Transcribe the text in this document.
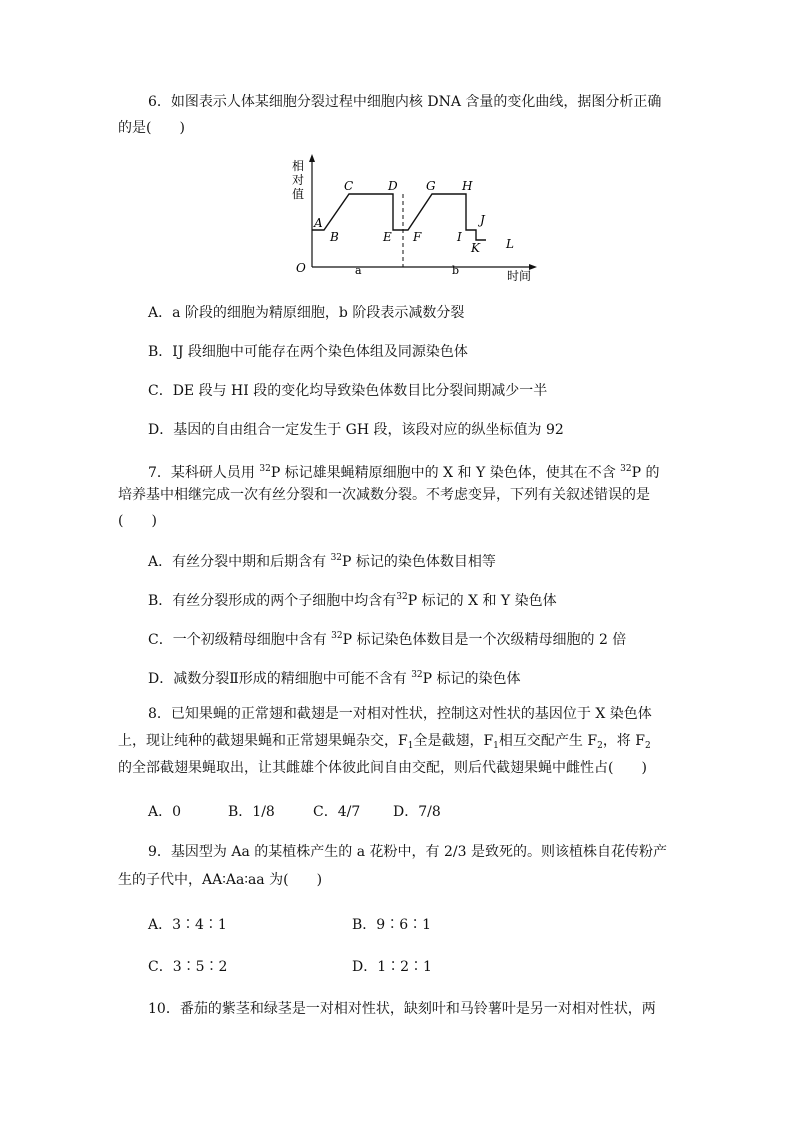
6．如图表示人体某细胞分裂过程中细胞内核 DNA 含量的变化曲线，据图分析正确
的是(　　)
相
对
值
A
B
C	D
E F
G H
I
J
K L
O	a	b	时间
A．a 阶段的细胞为精原细胞，b 阶段表示减数分裂
B．IJ 段细胞中可能存在两个染色体组及同源染色体
C．DE 段与 HI 段的变化均导致染色体数目比分裂间期减少一半
D．基因的自由组合一定发生于 GH 段，该段对应的纵坐标值为 92
7．某科研人员用 $^{32}$P 标记雄果蝇精原细胞中的 X 和 Y 染色体，使其在不含 $^{32}$P 的
培养基中相继完成一次有丝分裂和一次减数分裂。不考虑变异，下列有关叙述错误的是
(　　)
A．有丝分裂中期和后期含有 $^{32}$P 标记的染色体数目相等
B．有丝分裂形成的两个子细胞中均含有$^{32}$P 标记的 X 和 Y 染色体
C．一个初级精母细胞中含有 $^{32}$P 标记染色体数目是一个次级精母细胞的 2 倍
D．减数分裂Ⅱ形成的精细胞中可能不含有 $^{32}$P 标记的染色体
8．已知果蝇的正常翅和截翅是一对相对性状，控制这对性状的基因位于 X 染色体
上，现让纯种的截翅果蝇和正常翅果蝇杂交，$F_1$全是截翅，$F_1$相互交配产生 $F_2$，将 $F_2$
的全部截翅果蝇取出，让其雌雄个体彼此间自由交配，则后代截翅果蝇中雌性占(　　)
A．0	B．1/8	C．4/7 D．7/8
9．基因型为 Aa 的某植株产生的 a 花粉中，有 2/3 是致死的。则该植株自花传粉产
生的子代中，AA∶Aa∶aa 为(　　)
A．3∶4∶1	B．9∶6∶1
C．3∶5∶2	D．1∶2∶1
10．番茄的紫茎和绿茎是一对相对性状，缺刻叶和马铃薯叶是另一对相对性状，两
